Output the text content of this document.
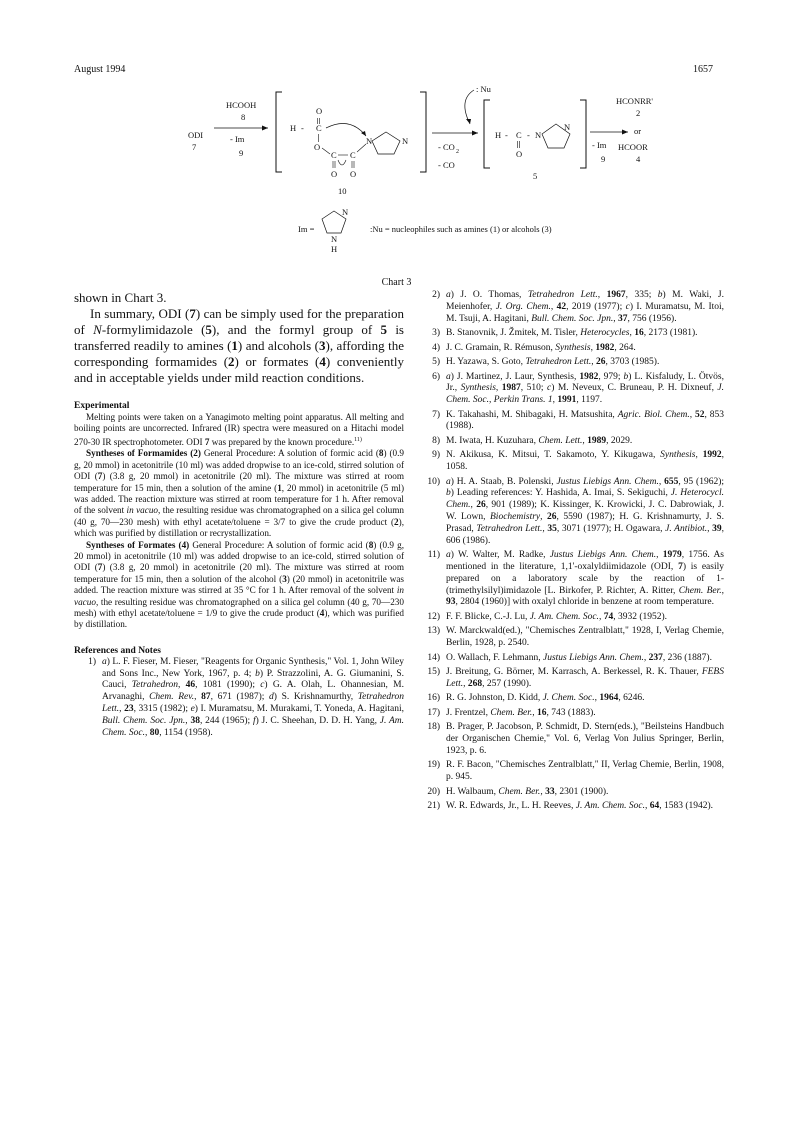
August 1994	1657
ODI
7
HCOOH
8
- Im
9
O
H - C
O
C C
O O
N	N
10
- CO 2
- CO
: Nu
H - C -
O
N
N
5
- Im
9
HCONRR'
2
or
HCOOR
4
Im =
N
N
H
:Nu = nucleophiles such as amines (1) or alcohols (3)
Chart 3

shown in Chart 3.

In summary, ODI (7) can be simply used for the preparation of N-formylimidazole (5), and the formyl group of 5 is transferred readily to amines (1) and alcohols (3), affording the corresponding formamides (2) or formates (4) conveniently and in acceptable yields under mild reaction conditions.

Experimental

Melting points were taken on a Yanagimoto melting point apparatus. All melting and boiling points are uncorrected. Infrared (IR) spectra were measured on a Hitachi model 270-30 IR spectrophotometer. ODI 7 was prepared by the known procedure.$^{11)}$

Syntheses of Formamides (2) General Procedure: A solution of formic acid (8) (0.9 g, 20 mmol) in acetonitrile (10 ml) was added dropwise to an ice-cold, stirred solution of ODI (7) (3.8 g, 20 mmol) in acetonitrile (20 ml). The mixture was stirred at room temperature for 15 min, then a solution of the amine (1, 20 mmol) in acetonitrile (5 ml) was added. The reaction mixture was stirred at room temperature for 1 h. After removal of the solvent in vacuo, the resulting residue was chromatographed on a silica gel column (40 g, 70—230 mesh) with ethyl acetate/toluene = 3/7 to give the crude product (2), which was purified by distillation or recrystallization.

Syntheses of Formates (4) General Procedure: A solution of formic acid (8) (0.9 g, 20 mmol) in acetonitrile (10 ml) was added dropwise to an ice-cold, stirred solution of ODI (7) (3.8 g, 20 mmol) in acetonitrile (20 ml). The mixture was stirred at room temperature for 15 min, then a solution of the alcohol (3) (20 mmol) in acetonitrile was added. The reaction mixture was stirred at 35 °C for 1 h. After removal of the solvent in vacuo, the resulting residue was chromatographed on a silica gel column (40 g, 70—230 mesh) with ethyl acetate/toluene = 1/9 to give the crude product (4), which was purified by distillation.

References and Notes
1) a) L. F. Fieser, M. Fieser, "Reagents for Organic Synthesis," Vol. 1, John Wiley and Sons Inc., New York, 1967, p. 4; b) P. Strazzolini, A. G. Giumanini, S. Cauci, Tetrahedron, 46, 1081 (1990); c) G. A. Olah, L. Ohannesian, M. Arvanaghi, Chem. Rev., 87, 671 (1987); d) S. Krishnamurthy, Tetrahedron Lett., 23, 3315 (1982); e) I. Muramatsu, M. Murakami, T. Yoneda, A. Hagitani, Bull. Chem. Soc. Jpn., 38, 244 (1965); f) J. C. Sheehan, D. D. H. Yang, J. Am. Chem. Soc., 80, 1154 (1958).
2) a) J. O. Thomas, Tetrahedron Lett., 1967, 335; b) M. Waki, J. Meienhofer, J. Org. Chem., 42, 2019 (1977); c) I. Muramatsu, M. Itoi, M. Tsuji, A. Hagitani, Bull. Chem. Soc. Jpn., 37, 756 (1956).
3) B. Stanovnik, J. Žmitek, M. Tisler, Heterocycles, 16, 2173 (1981).
4) J. C. Gramain, R. Rémuson, Synthesis, 1982, 264.
5) H. Yazawa, S. Goto, Tetrahedron Lett., 26, 3703 (1985).
6) a) J. Martinez, J. Laur, Synthesis, 1982, 979; b) L. Kisfaludy, L. Ötvös, Jr., Synthesis, 1987, 510; c) M. Neveux, C. Bruneau, P. H. Dixneuf, J. Chem. Soc., Perkin Trans. 1, 1991, 1197.
7) K. Takahashi, M. Shibagaki, H. Matsushita, Agric. Biol. Chem., 52, 853 (1988).
8) M. Iwata, H. Kuzuhara, Chem. Lett., 1989, 2029.
9) N. Akikusa, K. Mitsui, T. Sakamoto, Y. Kikugawa, Synthesis, 1992, 1058.
10) a) H. A. Staab, B. Polenski, Justus Liebigs Ann. Chem., 655, 95 (1962); b) Leading references: Y. Hashida, A. Imai, S. Sekiguchi, J. Heterocycl. Chem., 26, 901 (1989); K. Kissinger, K. Krowicki, J. C. Dabrowiak, J. W. Lown, Biochemistry, 26, 5590 (1987); H. G. Krishnamurty, J. S. Prasad, Tetrahedron Lett., 35, 3071 (1977); H. Ogawara, J. Antibiot., 39, 606 (1986).
11) a) W. Walter, M. Radke, Justus Liebigs Ann. Chem., 1979, 1756. As mentioned in the literature, 1,1'-oxalyldiimidazole (ODI, 7) is easily prepared on a laboratory scale by the reaction of 1-(trimethylsilyl)imidazole [L. Birkofer, P. Richter, A. Ritter, Chem. Ber., 93, 2804 (1960)] with oxalyl chloride in benzene at room temperature.
12) F. F. Blicke, C.-J. Lu, J. Am. Chem. Soc., 74, 3932 (1952).
13) W. Marckwald(ed.), "Chemisches Zentralblatt," 1928, I, Verlag Chemie, Berlin, 1928, p. 2540.
14) O. Wallach, F. Lehmann, Justus Liebigs Ann. Chem., 237, 236 (1887).
15) J. Breitung, G. Börner, M. Karrasch, A. Berkessel, R. K. Thauer, FEBS Lett., 268, 257 (1990).
16) R. G. Johnston, D. Kidd, J. Chem. Soc., 1964, 6246.
17) J. Frentzel, Chem. Ber., 16, 743 (1883).
18) B. Prager, P. Jacobson, P. Schmidt, D. Stern(eds.), "Beilsteins Handbuch der Organischen Chemie," Vol. 6, Verlag Von Julius Springer, Berlin, 1923, p. 6.
19) R. F. Bacon, "Chemisches Zentralblatt," II, Verlag Chemie, Berlin, 1908, p. 945.
20) H. Walbaum, Chem. Ber., 33, 2301 (1900).
21) W. R. Edwards, Jr., L. H. Reeves, J. Am. Chem. Soc., 64, 1583 (1942).
